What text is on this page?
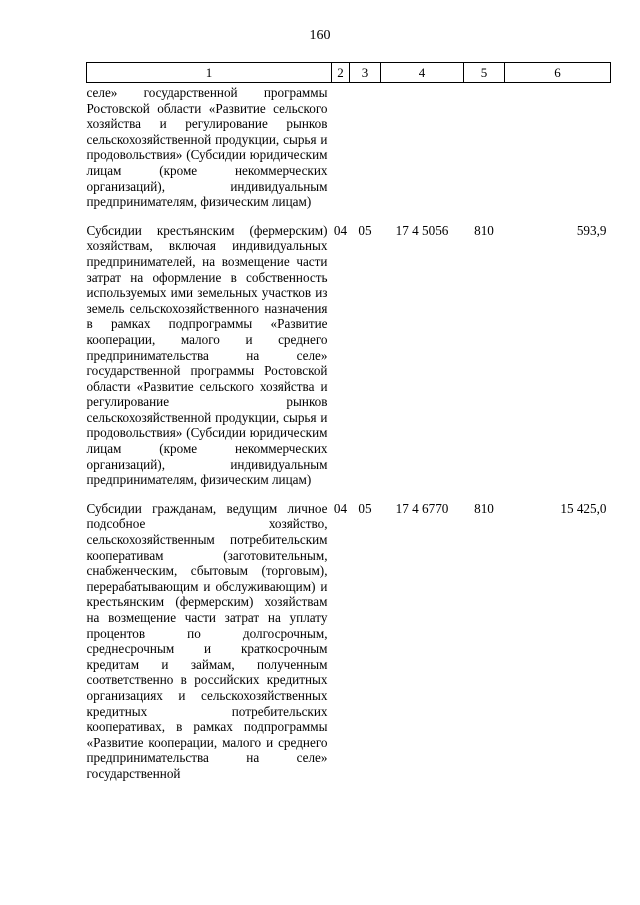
160
1	2	3	4	5	6
селе» государственной программы Ростовской области «Развитие сельского хозяйства и регулирование рынков сельскохозяйственной продукции, сырья и продовольствия» (Субсидии юридическим лицам (кроме некоммерческих организаций), индивидуальным предпринимателям, физическим лицам)					

Субсидии крестьянским (фермерским) хозяйствам, включая индивидуальных предпринимателей, на возмещение части затрат на оформление в собственность используемых ими земельных участков из земель сельскохозяйственного назначения в рамках подпрограммы «Развитие кооперации, малого и среднего предпринимательства на селе» государственной программы Ростовской области «Развитие сельского хозяйства и регулирование рынков сельскохозяйственной продукции, сырья и продовольствия» (Субсидии юридическим лицам (кроме некоммерческих организаций), индивидуальным предпринимателям, физическим лицам)	04	05	17 4 5056	810	593,9

Субсидии гражданам, ведущим личное подсобное хозяйство, сельскохозяйственным потребительским кооперативам (заготовительным, снабженческим, сбытовым (торговым), перерабатывающим и обслуживающим) и крестьянским (фермерским) хозяйствам на возмещение части затрат на уплату процентов по долгосрочным, среднесрочным и краткосрочным кредитам и займам, полученным соответственно в российских кредитных организациях и сельскохозяйственных кредитных потребительских кооперативах, в рамках подпрограммы «Развитие кооперации, малого и среднего предпринимательства на селе» государственной	04	05	17 4 6770	810	15 425,0
